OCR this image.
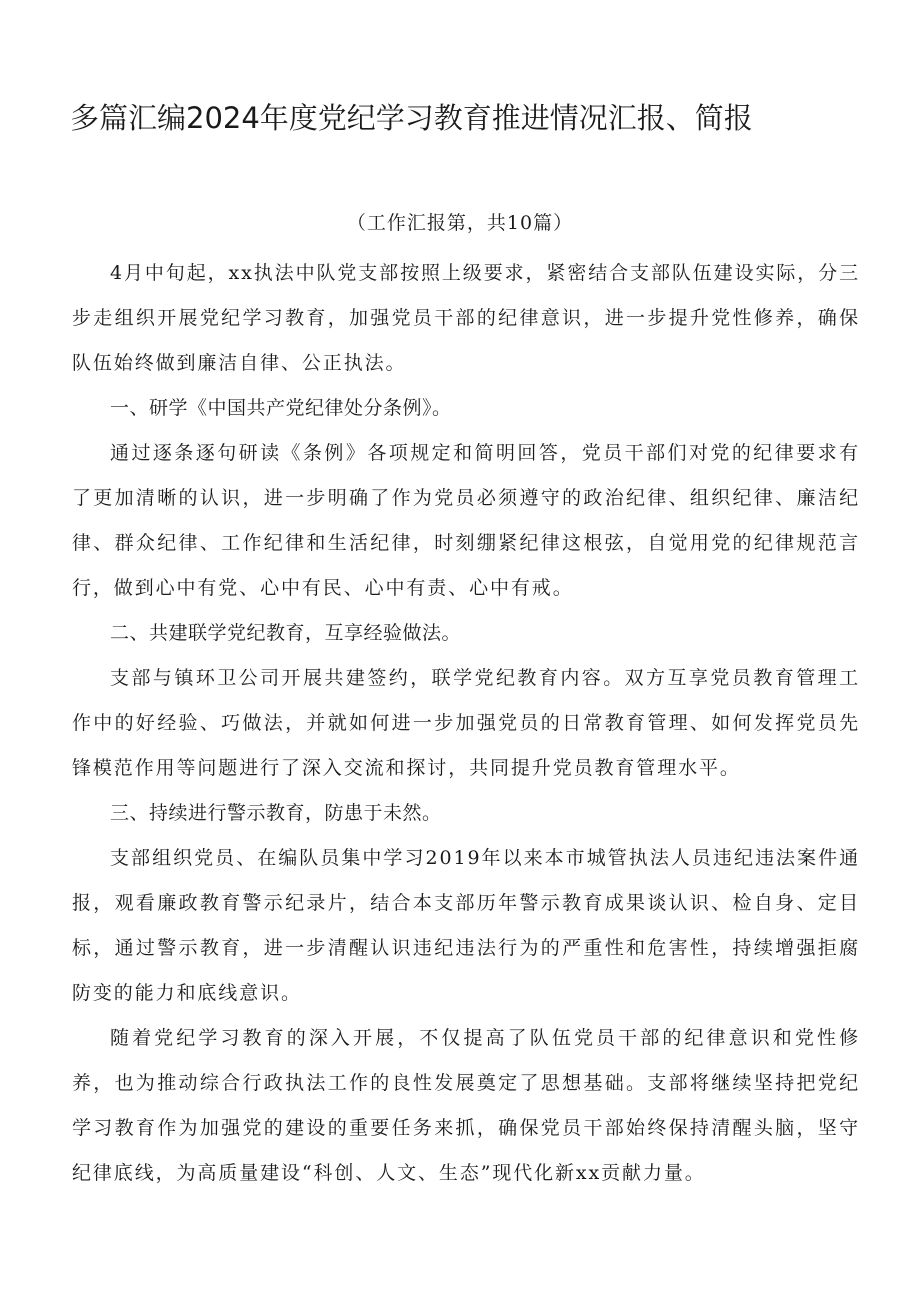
多篇汇编2024年度党纪学习教育推进情况汇报、简报
（工作汇报第，共10篇）

4月中旬起，xx执法中队党支部按照上级要求，紧密结合支部队伍建设实际，分三步走组织开展党纪学习教育，加强党员干部的纪律意识，进一步提升党性修养，确保队伍始终做到廉洁自律、公正执法。

一、研学《中国共产党纪律处分条例》。

通过逐条逐句研读《条例》各项规定和简明回答，党员干部们对党的纪律要求有了更加清晰的认识，进一步明确了作为党员必须遵守的政治纪律、组织纪律、廉洁纪律、群众纪律、工作纪律和生活纪律，时刻绷紧纪律这根弦，自觉用党的纪律规范言行，做到心中有党、心中有民、心中有责、心中有戒。

二、共建联学党纪教育，互享经验做法。

支部与镇环卫公司开展共建签约，联学党纪教育内容。双方互享党员教育管理工作中的好经验、巧做法，并就如何进一步加强党员的日常教育管理、如何发挥党员先锋模范作用等问题进行了深入交流和探讨，共同提升党员教育管理水平。

三、持续进行警示教育，防患于未然。

支部组织党员、在编队员集中学习2019年以来本市城管执法人员违纪违法案件通报，观看廉政教育警示纪录片，结合本支部历年警示教育成果谈认识、检自身、定目标，通过警示教育，进一步清醒认识违纪违法行为的严重性和危害性，持续增强拒腐防变的能力和底线意识。

随着党纪学习教育的深入开展，不仅提高了队伍党员干部的纪律意识和党性修养，也为推动综合行政执法工作的良性发展奠定了思想基础。支部将继续坚持把党纪学习教育作为加强党的建设的重要任务来抓，确保党员干部始终保持清醒头脑，坚守纪律底线，为高质量建设“科创、人文、生态”现代化新xx贡献力量。
